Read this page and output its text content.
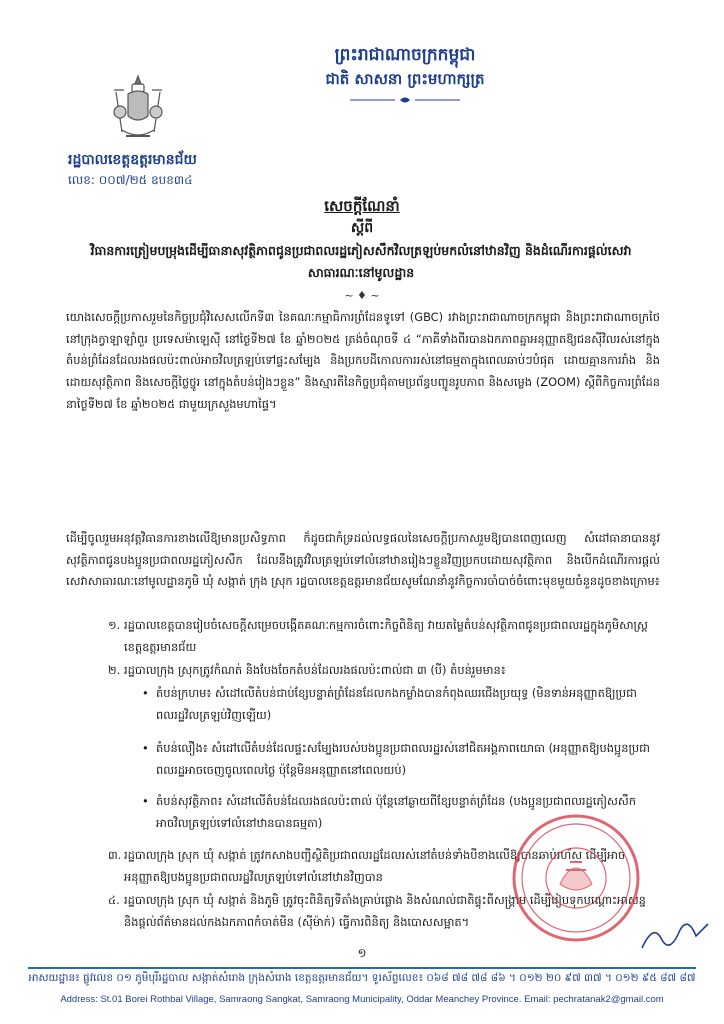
ព្រះរាជាណាចក្រកម្ពុជា
ជាតិ សាសនា ព្រះមហាក្សត្រ
រដ្ឋបាលខេត្តឧត្តរមានជ័យ
លេខ: ០០៧/២៥ ឧបខ៣៤
សេចក្តីណែនាំ
ស្តីពី
វិធានការត្រៀមបម្រុងដើម្បីធានាសុវត្ថិភាពជូនប្រជាពលរដ្ឋភៀសសឹកវិលត្រឡប់មកលំនៅឋានវិញ និងដំណើរការផ្តល់សេវាសាធារណៈនៅមូលដ្ឋាន
~ ♦ ~
យោងសេចក្តីប្រកាសរួមនៃកិច្ចប្រជុំវិសេសលើកទី៣ នៃគណៈកម្មាធិការព្រំដែនទូទៅ (GBC) រវាងព្រះរាជាណាចក្រកម្ពុជា និងព្រះរាជាណាចក្រថៃ នៅក្រុងក្វាឡាឡាំពួរ ប្រទេសម៉ាឡេស៊ី នៅថ្ងៃទី២៧ ខែ ឆ្នាំ២០២៥ ត្រង់ចំណុចទី ៤ “ភាគីទាំងពីរបានឯកភាពគ្នាអនុញ្ញាតឱ្យជនស៊ីវិលរស់នៅក្នុងតំបន់ព្រំដែនដែលរងផលប៉ះពាល់អាចវិលត្រឡប់ទៅផ្ទះសម្បែង និងប្រកបដីកោលការរស់នៅធម្មតាក្នុងពេលឆាប់ៗបំផុត ដោយគ្មានការរាំង និងដោយសុវត្ថិភាព និងសេចក្តីថ្លៃថ្នូរ នៅក្នុងតំបន់រៀងៗខ្លួន” និងស្មារតីនៃកិច្ចប្រជុំតាមប្រព័ន្ធបញ្ចូនរូបភាព និងសម្លេង (ZOOM) ស្តីពីកិច្ចការព្រំដែន នាថ្ងៃទី២៧ ខែ ឆ្នាំ២០២៥ ជាមួយក្រសួងមហាផ្ទៃ។
ដើម្បីចូលរួមអនុវត្តវិធានការខាងលើឱ្យមានប្រសិទ្ធភាព ក៏ដូចជាកំទ្រដល់លទ្ធផលនៃសេចក្តីប្រកាសរួមឱ្យបានពេញលេញ សំដៅធានាបាននូវសុវត្ថិភាពជូនបងប្អូនប្រជាពលរដ្ឋភៀសសឹក ដែលនឹងត្រូវវិលត្រឡប់ទៅលំនៅឋានរៀងៗខ្លួនវិញប្រកបដោយសុវត្ថិភាព និងបើកដំណើរការផ្តល់សេវាសាធារណៈនៅមូលដ្ឋានភូមិ ឃុំ សង្កាត់ ក្រុង ស្រុក រដ្ឋបាលខេត្តឧត្តរមានជ័យសូមណែនាំនូវកិច្ចការចាំបាច់ចំពោះមុខមួយចំនួនដូចខាងក្រោម៖
១. រដ្ឋបាលខេត្តបានរៀបចំសេចក្តីសម្រេចបង្កើតគណៈកម្មការចំពោះកិច្ចពិនិត្យ វាយតម្លៃតំបន់សុវត្ថិភាពជូនប្រជាពលរដ្ឋក្នុងភូមិសាស្ត្រខេត្តឧត្តរមានជ័យ
២. រដ្ឋបាលក្រុង ស្រុកត្រូវកំណត់ និងបែងចែកតំបន់ដែលរងផលប៉ះពាល់ជា ៣ (បី) តំបន់រួមមាន៖
• តំបន់ក្រហម៖ សំដៅលើតំបន់ជាប់ខ្សែបន្ទាត់ព្រំដែនដែលកងកម្លាំងបានកំពុងឈរជើងប្រយុទ្ធ (មិនទាន់អនុញ្ញាតឱ្យប្រជាពលរដ្ឋវិលត្រឡប់វិញឡើយ)
• តំបន់លឿង៖ សំដៅលើតំបន់ដែលផ្ទះសម្បែងរបស់បងប្អូនប្រជាពលរដ្ឋរស់នៅជិតអង្គភាពយោធា (អនុញ្ញាតឱ្យបងប្អូនប្រជាពលរដ្ឋអាចចេញចូលពេលថ្ងៃ ប៉ុន្តែមិនអនុញ្ញាតនៅពេលយប់)
• តំបន់សុវត្ថិភាព៖ សំដៅលើតំបន់ដែលរងផលប៉ះពាល់ ប៉ុន្តែនៅឆ្ងាយពីខ្សែបន្ទាត់ព្រំដែន (បងប្អូនប្រជាពលរដ្ឋភៀសសឹកអាចវិលត្រឡប់ទៅលំនៅឋានបានធម្មតា)
៣. រដ្ឋបាលក្រុង ស្រុក ឃុំ សង្កាត់ ត្រូវកសាងបញ្ជីស្ថិតិប្រជាពលរដ្ឋដែលរស់នៅតំបន់ទាំងបីខាងលើឱ្យបានឆាប់រហ័ស ដើម្បីអាចអនុញ្ញាតឱ្យបងប្អូនប្រជាពលរដ្ឋវិលត្រឡប់ទៅលំនៅឋានវិញបាន
៤. រដ្ឋបាលក្រុង ស្រុក ឃុំ សង្កាត់ និងភូមិ ត្រូវចុះពិនិត្យទីតាំងគ្រាប់ផ្លោង និងសំណល់ជាតិផ្ទុះពីសង្គ្រាម ដើម្បីរៀបទុកបណ្តោះអាសន្ន និងផ្តល់ព័ត៌មានដល់កងឯកភាពកំចាត់មីន (ស៊ីម៉ាក់) ធ្វើការពិនិត្យ និងបោសសម្អាត។
១
អាសយដ្ឋាន៖ ផ្លូវលេខ ០១ ភូមិបុរីរដ្ឋបាល សង្កាត់សំរោង ក្រុងសំរោង ខេត្តឧត្តរមានជ័យ។ ទូរស័ព្ទលេខ៖ ០៦៨ ៧៨ ៧៨ ៨៦ ។ ០១២ ២០ ៩៧ ៣៧ ។ ០១២ ៩៥ ៨៧ ៨៧
Address: St.01 Borei Rothbal Village, Samraong Sangkat, Samraong Municipality, Oddar Meanchey Province. Email: pechratanak2@gmail.com
